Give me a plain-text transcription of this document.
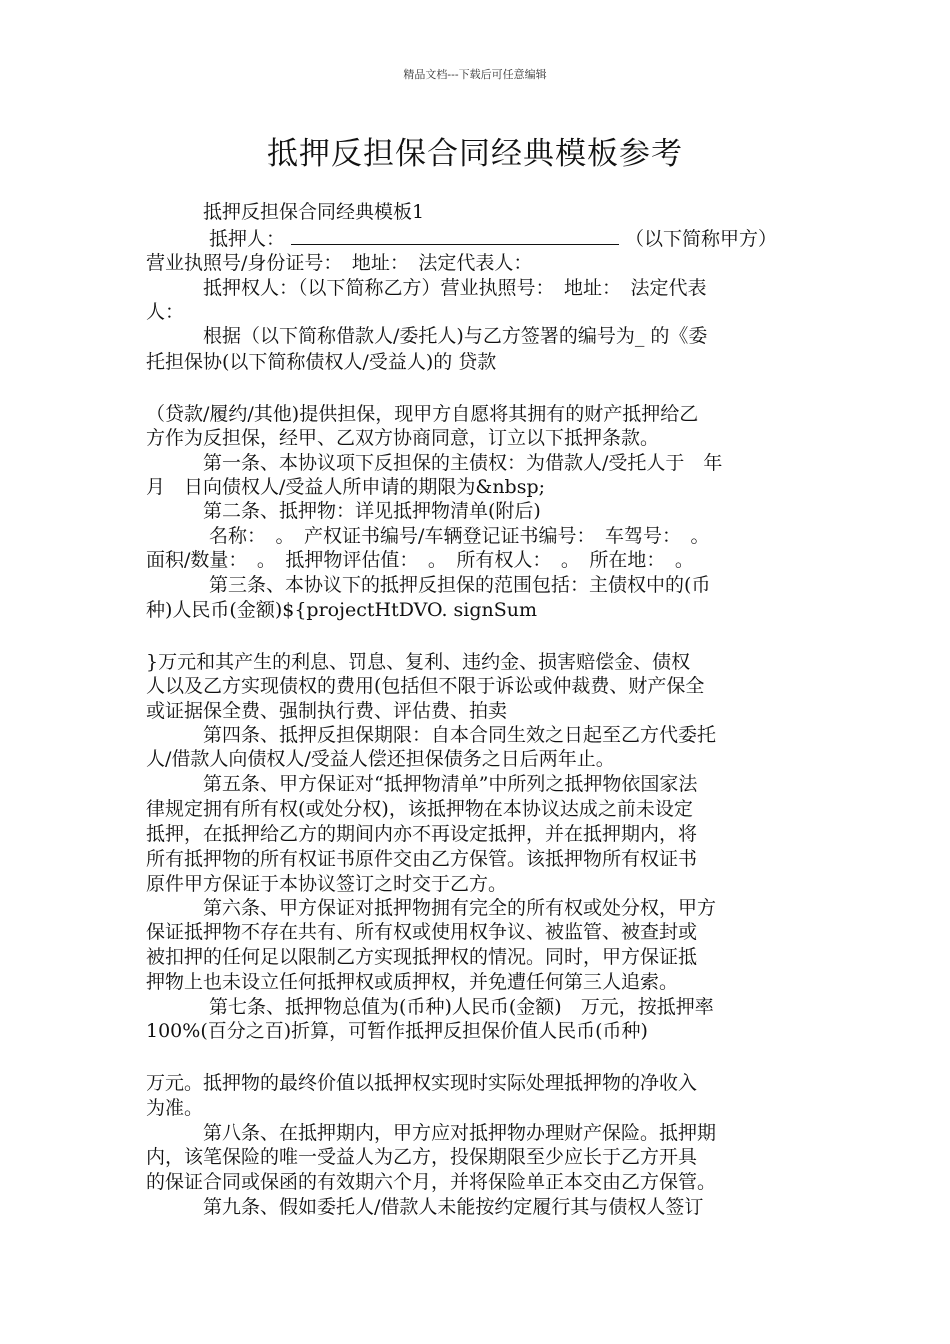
精品文档---下载后可任意编辑
抵押反担保合同经典模板参考
　　　抵押反担保合同经典模板1
　　　 抵押人：	（以下简称甲方）
营业执照号/身份证号：　地址：　法定代表人：
　　　抵押权人：（以下简称乙方）营业执照号：　地址：　法定代表
人：
　　　根据（以下简称借款人/委托人)与乙方签署的编号为_ 的《委
托担保协(以下简称债权人/受益人)的 贷款
（贷款/履约/其他)提供担保，现甲方自愿将其拥有的财产抵押给乙
方作为反担保，经甲、乙双方协商同意，订立以下抵押条款。
　　　第一条、本协议项下反担保的主债权：为借款人/受托人于　年
月　日向债权人/受益人所申请的期限为&nbsp;
　　　第二条、抵押物：详见抵押物清单(附后)
　　　 名称：　。　产权证书编号/车辆登记证书编号：　车驾号：　。
面积/数量：　。　抵押物评估值：　。　所有权人：　。　所在地：　。
　　　 第三条、本协议下的抵押反担保的范围包括：主债权中的(币
种)人民币(金额)${projectHtDVO. signSum
}万元和其产生的利息、罚息、复利、违约金、损害赔偿金、债权
人以及乙方实现债权的费用(包括但不限于诉讼或仲裁费、财产保全
或证据保全费、强制执行费、评估费、拍卖
　　　第四条、抵押反担保期限：自本合同生效之日起至乙方代委托
人/借款人向债权人/受益人偿还担保债务之日后两年止。
　　　第五条、甲方保证对“抵押物清单”中所列之抵押物依国家法
律规定拥有所有权(或处分权)，该抵押物在本协议达成之前未设定
抵押，在抵押给乙方的期间内亦不再设定抵押，并在抵押期内，将
所有抵押物的所有权证书原件交由乙方保管。该抵押物所有权证书
原件甲方保证于本协议签订之时交于乙方。
　　　第六条、甲方保证对抵押物拥有完全的所有权或处分权，甲方
保证抵押物不存在共有、所有权或使用权争议、被监管、被查封或
被扣押的任何足以限制乙方实现抵押权的情况。同时，甲方保证抵
押物上也未设立任何抵押权或质押权，并免遭任何第三人追索。
　　　 第七条、抵押物总值为(币种)人民币(金额)　万元，按抵押率
100%(百分之百)折算，可暂作抵押反担保价值人民币(币种)
万元。抵押物的最终价值以抵押权实现时实际处理抵押物的净收入
为准。
　　　第八条、在抵押期内，甲方应对抵押物办理财产保险。抵押期
内，该笔保险的唯一受益人为乙方，投保期限至少应长于乙方开具
的保证合同或保函的有效期六个月，并将保险单正本交由乙方保管。
　　　第九条、假如委托人/借款人未能按约定履行其与债权人签订
